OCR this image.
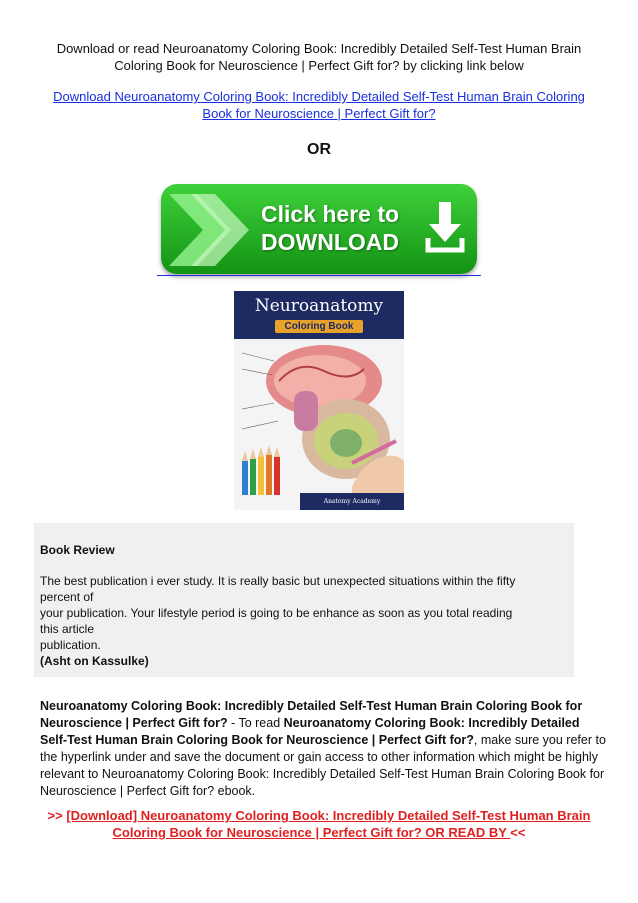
Download or read Neuroanatomy Coloring Book: Incredibly Detailed Self-Test Human Brain Coloring Book for Neuroscience | Perfect Gift for? by clicking link below
Download Neuroanatomy Coloring Book: Incredibly Detailed Self-Test Human Brain Coloring Book for Neuroscience | Perfect Gift for?
OR
Click here to
DOWNLOAD
Neuroanatomy
Coloring Book
Anatomy Academy
Book Review
The best publication i ever study. It is really basic but unexpected situations within the fifty
percent of
your publication. Your lifestyle period is going to be enhance as soon as you total reading
this article
publication.
(Asht on Kassulke)
Neuroanatomy Coloring Book: Incredibly Detailed Self-Test Human Brain Coloring Book for Neuroscience | Perfect Gift for? - To read Neuroanatomy Coloring Book: Incredibly Detailed Self-Test Human Brain Coloring Book for Neuroscience | Perfect Gift for?, make sure you refer to the hyperlink under and save the document or gain access to other information which might be highly relevant to Neuroanatomy Coloring Book: Incredibly Detailed Self-Test Human Brain Coloring Book for Neuroscience | Perfect Gift for? ebook.
>> [Download] Neuroanatomy Coloring Book: Incredibly Detailed Self-Test Human Brain Coloring Book for Neuroscience | Perfect Gift for? OR READ BY <<
